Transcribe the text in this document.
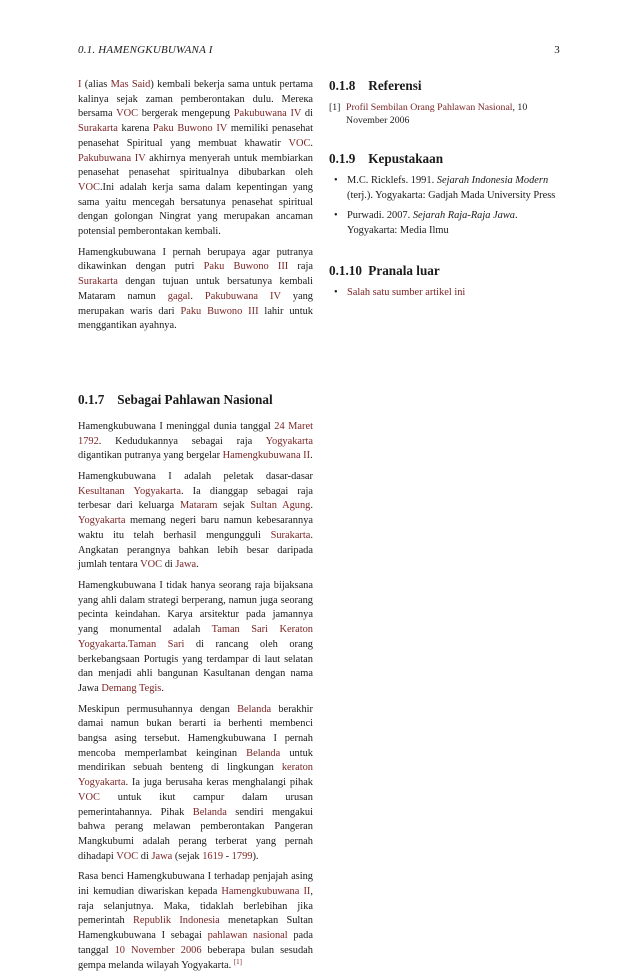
0.1. HAMENGKUBUWANA I	3

I (alias Mas Said) kembali bekerja sama untuk pertama kalinya sejak zaman pemberontakan dulu. Merека bersama VOC bergerak mengepung Pakubuwana IV di Surakarta karena Paku Buwono IV memiliki penasehat penasehat Spiritual yang membuat khawatir VOC. Pakubuwana IV akhirnya menyerah untuk membiarkan penasehat penasehat spiritualnya dibubarkan oleh VOC.Ini adalah kerja sama dalam kepentingan yang sama yaitu mencegah bersatunya penasehat spiritual dengan golongan Ningrat yang merupakan ancaman potensial pemberontakan kembali.

Hamengkubuwana I pernah berupaya agar putranya dikawinkan dengan putri Paku Buwono III raja Surakarta dengan tujuan untuk bersatunya kembali Mataram namun gagal. Pakubuwana IV yang merupakan waris dari Paku Buwono III lahir untuk menggantikan ayahnya.

0.1.7 Sebagai Pahlawan Nasional

Hamengkubuwana I meninggal dunia tanggal 24 Maret 1792. Kedudukannya sebagai raja Yogyakarta digantikan putranya yang bergelar Hamengkubuwana II.

Hamengkubuwana I adalah peletak dasar-dasar Kesultanan Yogyakarta. Ia dianggap sebagai raja terbesar dari keluarga Mataram sejak Sultan Agung. Yogyakarta memang negeri baru namun kebesarannya waktu itu telah berhasil mengungguli Surakarta. Angkatan perangnya bahkan lebih besar daripada jumlah tentara VOC di Jawa.

Hamengkubuwana I tidak hanya seorang raja bijaksana yang ahli dalam strategi berperang, namun juga seorang pecinta keindahan. Karya arsitektur pada jamannya yang monumental adalah Taman Sari Keraton Yogyakarta.Taman Sari di rancang oleh orang berkebangsaan Portugis yang terdampar di laut selatan dan menjadi ahli bangunan Kasultanan dengan nama Jawa Demang Tegis.

Meskipun permusuhannya dengan Belanda berakhir damai namun bukan berarti ia berhenti membenci bangsa asing tersebut. Hamengkubuwana I pernah mencoba memperlambat keinginan Belanda untuk mendirikan sebuah benteng di lingkungan keraton Yogyakarta. Ia juga berusaha keras menghalangi pihak VOC untuk ikut campur dalam urusan pemerintahannya. Pihak Belanda sendiri mengakui bahwa perang melawan pemberontakan Pangeran Mangkubumi adalah perang terberat yang pernah dihadapi VOC di Jawa (sejak 1619 - 1799).

Rasa benci Hamengkubuwana I terhadap penjajah asing ini kemudian diwariskan kepada Hamengkubuwana II, raja selanjutnya. Maka, tidaklah berlebihan jika pemerintah Republik Indonesia menetapkan Sultan Hamengkubuwana I sebagai pahlawan nasional pada tanggal 10 November 2006 beberapa bulan sesudah gempa melanda wilayah Yogyakarta. [1]

0.1.8 Referensi
[1] Profil Sembilan Orang Pahlawan Nasional, 10 November 2006
0.1.9 Kepustakaan
• M.C. Ricklefs. 1991. Sejarah Indonesia Modern (terj.). Yogyakarta: Gadjah Mada University Press
• Purwadi. 2007. Sejarah Raja-Raja Jawa. Yogyakarta: Media Ilmu
0.1.10 Pranala luar
• Salah satu sumber artikel ini
